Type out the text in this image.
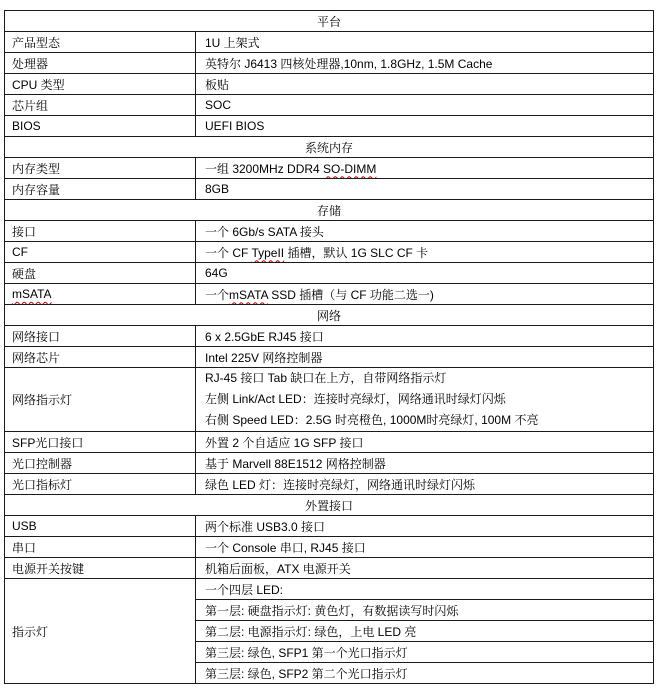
平台	
产品型态	1U 上架式
处理器	英特尔 J6413 四核处理器,10nm, 1.8GHz, 1.5M Cache
CPU 类型	板贴
芯片组	SOC
BIOS	UEFI BIOS
系统内存	
内存类型	一组 3200MHz DDR4 SO-DIMM
内存容量	8GB
存储	
接口	一个 6Gb/s SATA 接头
CF	一个 CF TypeII 插槽，默认 1G SLC CF 卡
硬盘	64G
mSATA	一个mSATA SSD 插槽（与 CF 功能二选一)
网络	
网络接口	6 x 2.5GbE RJ45 接口
网络芯片	Intel 225V 网络控制器
网络指示灯	RJ-45 接口 Tab 缺口在上方，自带网络指示灯
左侧 Link/Act LED：连接时亮绿灯，网络通讯时绿灯闪烁
右侧 Speed LED：2.5G 时亮橙色, 1000M时亮绿灯, 100M 不亮

SFP光口接口	外置 2 个自适应 1G SFP 接口
光口控制器	基于 Marvell 88E1512 网格控制器
光口指标灯	绿色 LED 灯：连接时亮绿灯，网络通讯时绿灯闪烁
外置接口	
USB	两个标准 USB3.0 接口
串口	一个 Console 串口, RJ45 接口
电源开关按键	机箱后面板，ATX 电源开关
指示灯	一个四层 LED:
	第一层: 硬盘指示灯: 黄色灯，有数据读写时闪烁
	第二层: 电源指示灯: 绿色，上电 LED 亮
	第三层: 绿色, SFP1 第一个光口指示灯
	第三层: 绿色, SFP2 第二个光口指示灯
